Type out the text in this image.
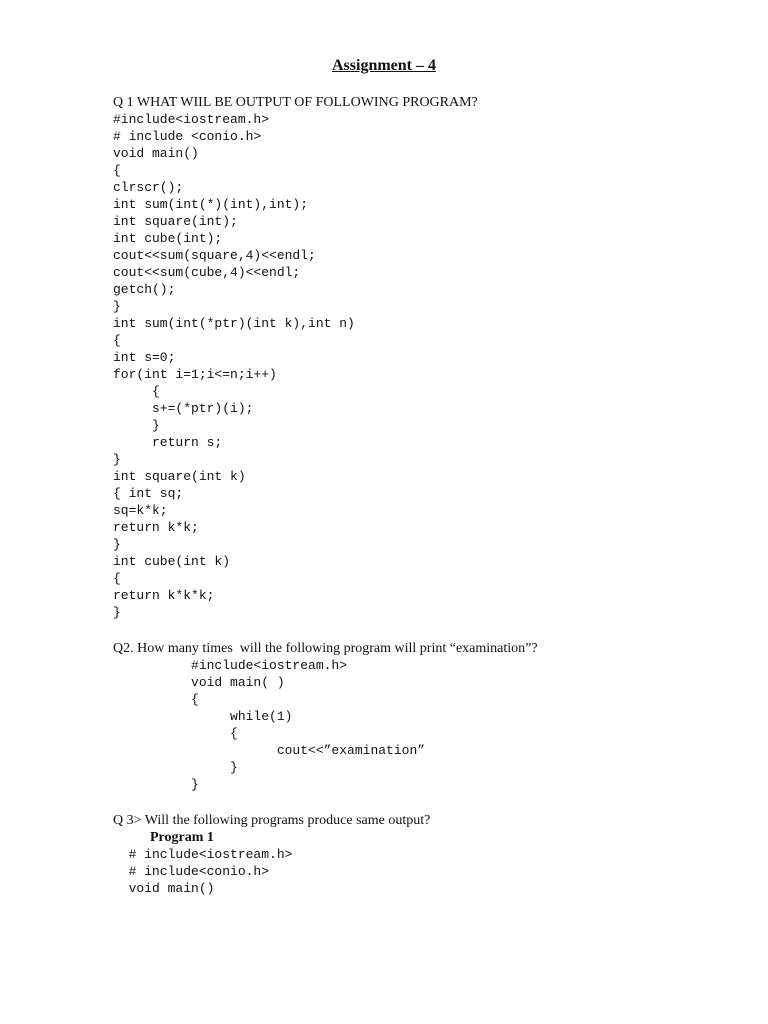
Assignment – 4
Q 1 WHAT WIIL BE OUTPUT OF FOLLOWING PROGRAM?
#include<iostream.h>
# include <conio.h>
void main()
{
clrscr();
int sum(int(*)(int),int);
int square(int);
int cube(int);
cout<<sum(square,4)<<endl;
cout<<sum(cube,4)<<endl;
getch();
}
int sum(int(*ptr)(int k),int n)
{
int s=0;
for(int i=1;i<=n;i++)
{
s+=(*ptr)(i);
}
return s;
}
int square(int k)
{ int sq;
sq=k*k;
return k*k;
}
int cube(int k)
{
return k*k*k;
}
Q2. How many times  will the following program will print “examination”?
#include<iostream.h>
void main( )
{
while(1)
{
cout<<”examination”
}
}
Q 3> Will the following programs produce same output?
Program 1
# include<iostream.h>
# include<conio.h>
void main()
